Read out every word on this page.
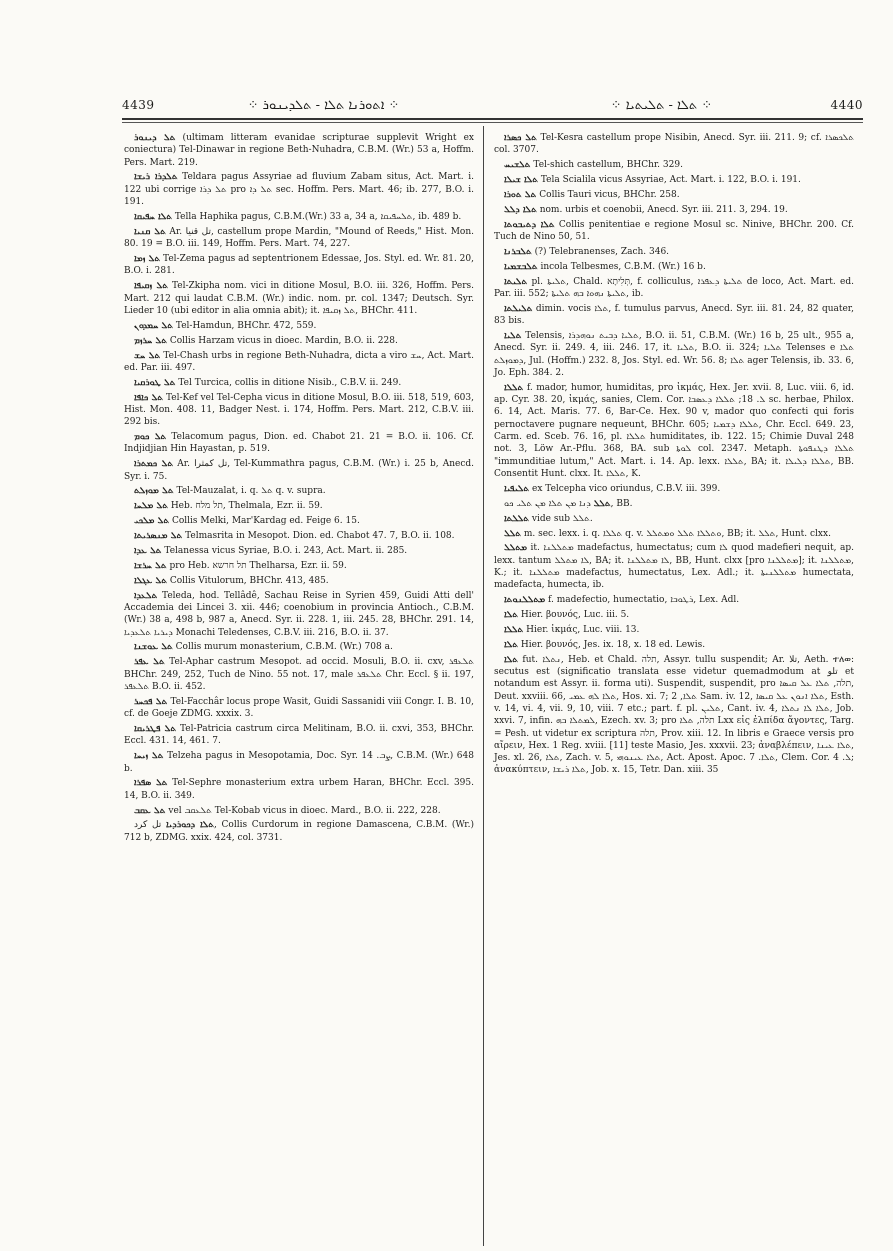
4439	⁘ ܐܬܘܪܢܐ ܬܠܐ - ܬܠܕܝܢܘܪ ⁘	⁘ ܬܠܐ - ܬܠܝܬܝܐ ⁘	4440

ܬܠ ܕܝܢܘܪ (ultimam litteram evanidae scripturae supplevit Wright ex coniectura) Tel-Dinawar in regione Beth-Nuhadra, C.B.M. (Wr.) 53 a, Hoffm. Pers. Mart. 219.

ܬܠܕܪܐ ܪܝܫܐ Teldara pagus Assyriae ad fluvium Zabam situs, Act. Mart. i. 122 ubi corrige ܬܠ ܕܪܐ pro ܬܠ ܕܐ sec. Hoffm. Pers. Mart. 46; ib. 277, B.O. i. 191.

ܬܠܐ ܚܦܝܩܐ Tella Haphika pagus, C.B.M.(Wr.) 33 a, 34 a, ܬܠܚܦܝܩܐ, ib. 489 b.

ܬܠ ܩܢܝܐ Ar. تل قنيا, castellum prope Mardin, "Mound of Reeds," Hist. Mon. 80. 19 = B.O. iii. 149, Hoffm. Pers. Mart. 74, 227.

ܬܠ ܙܡܐ Tel-Zema pagus ad septentrionem Edessae, Jos. Styl. ed. Wr. 81. 20, B.O. i. 281.

ܬܠ ܙܩܝܦܐ Tel-Zkipha nom. vici in ditione Mosul, B.O. iii. 326, Hoffm. Pers. Mart. 212 qui laudat C.B.M. (Wr.) indic. nom. pr. col. 1347; Deutsch. Syr. Lieder 10 (ubi editor in alia omnia abit); it. ܬܠ ܙܩܝܦܐ, BHChr. 411.

ܬܠ ܚܡܕܘܢ Tel-Hamdun, BHChr. 472, 559.

ܬܠ ܚܪܙܡ Collis Harzam vicus in dioec. Mardin, B.O. ii. 228.

ܬܠ ܚܫ Tel-Chash urbs in regione Beth-Nuhadra, dicta a viro ܚܫ, Act. Mart. ed. Par. iii. 497.

ܬܠ ܛܘܪܩܝܐ Tel Turcica, collis in ditione Nisib., C.B.V. ii. 249.

ܬܠ ܟܐܦܐ Tel-Kef vel Tel-Cepha vicus in ditione Mosul, B.O. iii. 518, 519, 603, Hist. Mon. 408. 11, Badger Nest. i. 174, Hoffm. Pers. Mart. 212, C.B.V. iii. 292 bis.

ܬܠ ܟܘܡ Telacomum pagus, Dion. ed. Chabot 21. 21 = B.O. ii. 106. Cf. Indjidjian Hin Hayastan, p. 519.

ܬܠ ܟܡܬܪܐ Ar. تل كمثرا, Tel-Kummathra pagus, C.B.M. (Wr.) i. 25 b, Anecd. Syr. i. 75.

ܬܠ ܡܘܙܠܬ Tel-Mauzalat, i. q. ܬܠ q. v. supra.

ܬܠ ܡܠܚܐ Heb. תל מלח, Thelmala, Ezr. ii. 59.

ܬܠ ܡܠܟܝ Collis Melki, Mar'Kardag ed. Feige 6. 15.

ܬܠ ܡܢܣܪܝܬܐ Telmasrita in Mesopot. Dion. ed. Chabot 47. 7, B.O. ii. 108.

ܬܠ ܥܕܐ Telanessa vicus Syriae, B.O. i. 243, Act. Mart. ii. 285.

ܬܠ ܚܪܫܐ pro Heb. תל חרשא Thelharsa, Ezr. ii. 59.

ܬܠ ܥܓܠܐ Collis Vitulorum, BHChr. 413, 485.

ܬܠܥܕܐ Teleda, hod. Tellâdê, Sachau Reise in Syrien 459, Guidi Atti dell' Accademia dei Lincei 3. xii. 446; coenobium in provincia Antioch., C.B.M. (Wr.) 38 a, 498 b, 987 a, Anecd. Syr. ii. 228. 1, iii. 245. 28, BHChr. 291. 14, ܕܝܪܝܐ ܬܠܥܕܝܐ Monachi Teledenses, C.B.V. iii. 216, B.O. ii. 37.

ܬܠ ܥܘܫܢܐ Collis murum monasterium, C.B.M. (Wr.) 708 a.

ܬܠ ܥܦܪ Tel-Aphar castrum Mesopot. ad occid. Mosuli, B.O. ii. cxv, ܬܠܥܦܪ BHChr. 249, 252, Tuch de Nino. 55 not. 17, male ܬܠܥܦܪ Chr. Eccl. § ii. 197, ܬܠܥܦܪ B.O. ii. 452.

ܬܠ ܦܟܚܪ Tel-Facchâr locus prope Wasit, Guidi Sassanidi viii Congr. I. B. 10, cf. de Goeje ZDMG. xxxix. 3.

ܬܠ ܦܛܪܝܩܐ Tel-Patricia castrum circa Melitinam, B.O. ii. cxvi, 353, BHChr. Eccl. 431. 14, 461. 7.

ܬܠ ܙܝܚܐ Telzeha pagus in Mesopotamia, Doc. Syr. ܨܒ. 14, C.B.M. (Wr.) 648 b.

ܬܠ ܣܦܪܐ Tel-Sephre monasterium extra urbem Haran, BHChr. Eccl. 395. 14, B.O. ii. 349.

ܬܠ ܥܩܒ vel ܬܠܥܩܒ Tel-Kobab vicus in dioec. Mard., B.O. ii. 222, 228.

ܬܠܐ ܕܟܘܪܕܝܐ تل كرد, Collis Curdorum in regione Damascena, C.B.M. (Wr.) 712 b, ZDMG. xxix. 424, col. 3731.

ܬܠ ܟܣܪܐ Tel-Kesra castellum prope Nisibin, Anecd. Syr. iii. 211. 9; cf. ܬܠܟܣܪܐ col. 3707.

ܬܠܫܝܚ Tel-shich castellum, BHChr. 329.

ܬܠܐ ܫܝܠܐ Tela Scialila vicus Assyriae, Act. Mart. i. 122, B.O. i. 191.

ܬܠ ܬܘܪܐ Collis Tauri vicus, BHChr. 258.

ܬܠܐ ܕܠܠ nom. urbis et coenobii, Anecd. Syr. iii. 211. 3, 294. 19.

ܬܠܐ ܕܬܝܒܘܬܐ Collis penitentiae e regione Mosul sc. Ninive, BHChr. 200. Cf. Tuch de Nino 50, 51.

ܬܠܒܪܢܐ (?) Telebranenses, Zach. 346.

ܬܠܒܫܡܝܐ incola Telbesmes, C.B.M. (Wr.) 16 b.

ܬܠܝܬܐ pl. ܬܠܝܬܐ, Chald. תְּלִיתָא, f. colliculus, ܬܠܝܬܐ ܕܥܦܪܐ de loco, Act. Mart. ed. Par. iii. 552; ܬܠܝܬܐ ܢܗܘܐ ܒܗ ܬܠܝܬܐ, ib.

ܬܠܝܠܬܐ dimin. vocis ܬܠܐ, f. tumulus parvus, Anecd. Syr. iii. 81. 24, 82 quater, 83 bis.

ܬܠܝܐ Telensis, ܬܠܝܐ ܕܒܝܬ ܢܘܗܕܪܐ, B.O. ii. 51, C.B.M. (Wr.) 16 b, 25 ult., 955 a, Anecd. Syr. ii. 249. 4, iii. 246. 17, it. ܬܠܝܐ, B.O. ii. 324; ܬܠܝܐ Telenses e ܬܠܐ ܕܡܘܙܠܬ, Jul. (Hoffm.) 232. 8, Jos. Styl. ed. Wr. 56. 8; ܬܠܐ ager Telensis, ib. 33. 6, Jo. Eph. 384. 2.

ܬܠܠܐ f. mador, humor, humiditas, pro ἰκμάς, Hex. Jer. xvii. 8, Luc. viii. 6, id. ap. Cyr. 38. 20, ἰκμάς, sanies, Clem. Cor. ܠ. 18; ܬܠܠܐ ܕܥܣܒܐ sc. herbae, Philox. 6. 14, Act. Maris. 77. 6, Bar-Ce. Hex. 90 v, mador quo confecti qui foris pernoctavere pugnare nequeunt, BHChr. 605; ܬܠܠܐ ܕܫܡܝܐ, Chr. Eccl. 649. 23, Carm. ed. Sceb. 76. 16, pl. ܬܠܠܐ humiditates, ib. 122. 15; Chimie Duval 248 not. 3, Löw Ar.-Pflu. 368, BA. sub ܠܘܬܐ col. 2347. Metaph. ܬܠܠܐ ܕܛܢܦܘܬܐ "immunditiae lutum," Act. Mart. i. 14. Ap. lexx. ܬܠܠܐ, BA; it. ܬܠܠܐ ܕܠܝܠܐ, BB. Consentit Hunt. clxx. It. ܬܠܠܐ, K.

ܬܠܝܦܝܐ ex Telcepha vico oriundus, C.B.V. iii. 399.

ܬܠܠ ܕܢܐ ܡܢ ܬܠܐ ܡܢ ܬܠܝ ܟܘ, BB.

ܬܠܠܬܐ vide sub ܬܠܠ.

ܬܠܠ m. sec. lexx. i. q. ܬܠܠܐ q. v. ܘܬܠܠܐ ܬܠܠ ܘܡܬܠܠ, BB; it. ܬܠܠ, Hunt. clxx.

ܡܬܠܠ it. ܡܬܠܠܢܐ madefactus, humectatus; cum ܠܐ quod madefieri nequit, ap. lexx. tantum ܠܐ ܡܬܠܠ, BA; it. ܠܐ ܡܬܠܠܢܐ, BB, Hunt. clxx [pro ܡܬܠܠܢܐ]; it. ܡܬܠܠܢܐ, K.; it. ܡܬܠܠܢܐ madefactus, humectatus, Lex. Adl.; it. ܡܬܠܠܢܝܬܐ humectata, madefacta, humecta, ib.

ܡܬܠܠܢܘܬܐ f. madefectio, humectatio, ܪܛܘܒܐ, Lex. Adl.

ܬܠܐ Hier. βουνός, Luc. iii. 5.

ܬܠܠܐ Hier. ἰκμάς, Luc. viii. 13.

ܬܠܐ Hier. βουνός, Jes. ix. 18, x. 18 ed. Lewis.

ܬܠܐ fut. ܢܬܠܐ, Heb. et Chald. תלה, Assyr. tullu suspendit; Ar. تلا, Aeth. ተለወ: secutus est (significatio translata esse videtur quemadmodum at تلو et notandum est Assyr. ii. forma uti). Suspendit, suspendit, pro תלה, ܬܠܐ ܥܠ ܩܝܣܐ, Deut. xxviii. 66, ܬܠܐ ܠܗ ܥܡܝ, Hos. xi. 7; ܬܠܐ, 2 Sam. iv. 12, ܬܠܐ ܐܢܘܢ ܥܠ ܩܝܣܐ, Esth. v. 14, vi. 4, vii. 9, 10, viii. 7 etc.; part. f. pl. ܬܠܝܢ, Cant. iv. 4, ܬܠܐ ܠܐ ܢܬܠܐ, Job. xxvi. 7, infin. ܠܡܬܠܐ ܒܗ, Ezech. xv. 3; pro תלה, ܬܠܐ Lxx εἰς ἐλπίδα ἄγοντες, Targ. = Pesh. ut videtur ex scriptura תלה, Prov. xiii. 12. In libris e Graece versis pro αἴρειν, Hex. 1 Reg. xviii. [11] teste Masio, Jes. xxxvii. 23; ἀναβλέπειν, ܬܠܐ ܥܝܢܐ, Jes. xl. 26, ܬܠܐ, Zach. v. 5, ܬܠܐ ܥܝܢܘܗܝ, Act. Apost. Apoc. ܬܠܐ. 7, Clem. Cor. ܠ. 4; ἀνακύπτειν, ܬܠܐ ܪܝܫܐ, Job. x. 15, Tetr. Dan. xiii. 35
